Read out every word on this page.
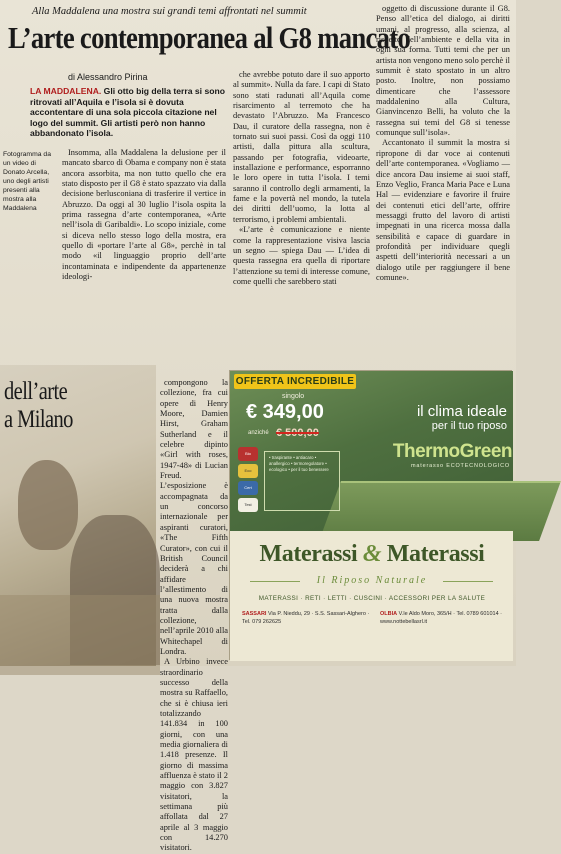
Alla Maddalena una mostra sui grandi temi affrontati nel summit
L’arte contemporanea al G8 mancato
di Alessandro Pirina
LA MADDALENA. Gli otto big della terra si sono ritrovati all’Aquila e l’isola si è dovuta accontentare di una sola piccola citazione nel logo del summit. Gli artisti però non hanno abbandonato l’isola.
Fotogramma da un video di Donato Arcella, uno degli artisti presenti alla mostra alla Maddalena

Insomma, alla Maddalena la delusione per il mancato sbarco di Obama e company non è stata ancora assorbita, ma non tutto quello che era stato disposto per il G8 è stato spazzato via dalla decisione berlusconiana di trasferire il vertice in Abruzzo. Da oggi al 30 luglio l’isola ospita la prima rassegna d’arte contemporanea, «Arte nell’isola di Garibaldi». Lo scopo iniziale, come si diceva nello stesso logo della mostra, era quello di «portare l’arte al G8», perchè in tal modo «il linguaggio proprio dell’arte incontaminata e indipendente da appartenenze ideologi-

che avrebbe potuto dare il suo apporto al summit». Nulla da fare. I capi di Stato sono stati radunati all’Aquila come risarcimento al terremoto che ha devastato l’Abruzzo. Ma Francesco Dau, il curatore della rassegna, non è tornato sui suoi passi. Così da oggi 110 artisti, dalla pittura alla scultura, passando per fotografia, videoarte, installazione e performance, esporranno le loro opere in tutta l’isola. I temi saranno il controllo degli armamenti, la fame e la povertà nel mondo, la tutela dei diritti dell’uomo, la lotta al terrorismo, i problemi ambientali.

«L’arte è comunicazione e niente come la rappresentazione visiva lascia un segno — spiega Dau — L’idea di questa rassegna era quella di riportare l’attenzione su temi di interesse comune, come quelli che sarebbero stati

oggetto di discussione durante il G8. Penso all’etica del dialogo, ai diritti umani, al progresso, alla scienza, al rispetto dell’ambiente e della vita in ogni sua forma. Tutti temi che per un artista non vengono meno solo perchè il summit è stato spostato in un altro posto. Inoltre, non possiamo dimenticare che l’assessore maddalenino alla Cultura, Gianvincenzo Belli, ha voluto che la rassegna sui temi del G8 si tenesse comunque sull’isola».

Accantonato il summit la mostra si ripropone di dar voce ai contenuti dell’arte contemporanea. «Vogliamo — dice ancora Dau insieme ai suoi staff, Enzo Veglio, Franca Maria Pace e Luna Hal — evidenziare e favorire il fruire dei contenuti etici dell’arte, offrire messaggi frutto del lavoro di artisti impegnati in una ricerca mossa dalla sensibilità e capace di guardare in profondità per individuare quegli aspetti dell’interiorità necessari a un dialogo utile per raggiungere il bene comune».

dell’arte
a Milano

compongono la collezione, fra cui opere di Henry Moore, Damien Hirst, Graham Sutherland e il celebre dipinto «Girl with roses, 1947-48» di Lucian Freud. L’esposizione è accompagnata da un concorso internazionale per aspiranti curatori, «The Fifth Curator», con cui il British Council deciderà a chi affidare l’allestimento di una nuova mostra tratta dalla collezione, nell’aprile 2010 alla Whitechapel di Londra.

A Urbino invece straordinario successo della mostra su Raffaello, che si è chiusa ieri totalizzando 141.834 in 100 giorni, con una media giornaliera di 1.418 presenze. Il giorno di massima affluenza è stato il 2 maggio con 3.827 visitatori, la settimana più affollata dal 27 aprile al 3 maggio con 14.270 visitatori.

OFFERTA INCREDIBILE
singolo
€ 349,00
anziché € 500,00
il clima ideale
per il tuo riposo
ThermoGreen
materasso ECOTECNOLOGICO
Bio
Eco
Cert
Test

• traspirante • antiacaro • anallergico • termoregolatore • ecologico • per il tuo benessere

Materassi & Materassi
Il Riposo Naturale
MATERASSI · RETI · LETTI · CUSCINI · ACCESSORI PER LA SALUTE
SASSARI Via P. Nieddu, 29 · S.S. Sassari-Alghero · Tel. 079 262625
OLBIA V.le Aldo Moro, 365/H · Tel. 0789 601014 · www.nottebellasrl.it
